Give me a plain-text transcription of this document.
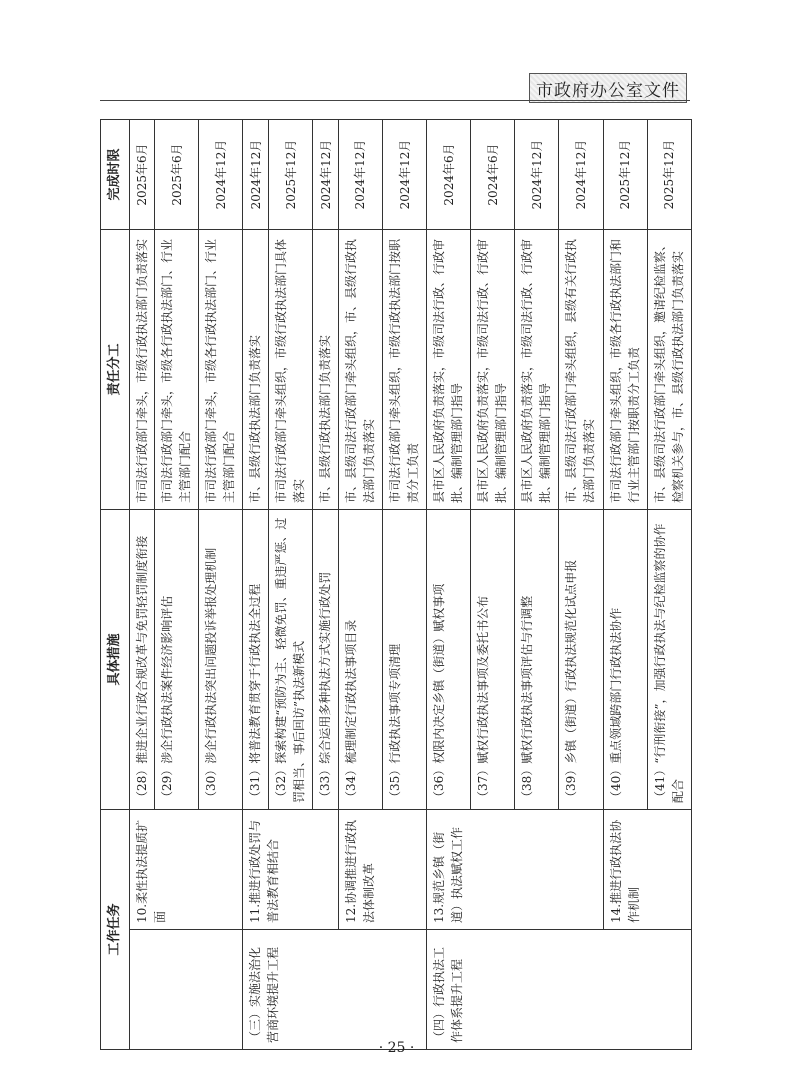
市政府办公室文件
工作任务		具体措施	责任分工	完成时限
	10.柔性执法提质扩面	（28）推进企业行政合规改革与免罚轻罚制度衔接	市司法行政部门牵头，市级行政执法部门负责落实	2025年6月
		（29）涉企行政执法案件经济影响评估	市司法行政部门牵头，市级各行政执法部门、行业主管部门配合	2025年6月
		（30）涉企行政执法突出问题投诉举报处理机制	市司法行政部门牵头，市级各行政执法部门、行业主管部门配合	2024年12月
（三）实施法治化营商环境提升工程	11.推进行政处罚与普法教育相结合	（31）将普法教育贯穿于行政执法全过程	市、县级行政执法部门负责落实	2024年12月
		（32）探索构建“预防为主、轻微免罚、重违严惩、过罚相当、事后回访”执法新模式	市司法行政部门牵头组织，市级行政执法部门具体落实	2025年12月
		（33）综合运用多种执法方式实施行政处罚	市、县级行政执法部门负责落实	2024年12月
	12.协调推进行政执法体制改革	（34）梳理制定行政执法事项目录	市、县级司法行政部门牵头组织，市、县级行政执法部门负责落实	2024年12月
		（35）行政执法事项专项清理	市司法行政部门牵头组织，市级行政执法部门按职责分工负责	2024年12月
（四）行政执法工作体系提升工程	13.规范乡镇（街道）执法赋权工作	（36）权限内决定乡镇（街道）赋权事项	县市区人民政府负责落实，市级司法行政、行政审批、编制管理部门指导	2024年6月
		（37）赋权行政执法事项及委托书公布	县市区人民政府负责落实，市级司法行政、行政审批、编制管理部门指导	2024年6月
		（38）赋权行政执法事项评估与行调整	县市区人民政府负责落实，市级司法行政、行政审批、编制管理部门指导	2024年12月
		（39）乡镇（街道）行政执法规范化试点申报	市、县级司法行政部门牵头组织，县级有关行政执法部门负责落实	2024年12月
	14.推进行政执法协作机制	（40）重点领域跨部门行政执法协作	市司法行政部门牵头组织，市级各行政执法部门和行业主管部门按职责分工负责	2025年12月
		（41）“行刑衔接”，加强行政执法与纪检监察的协作配合	市、县级司法行政部门牵头组织，邀请纪检监察、检察机关参与，市、县级行政执法部门负责落实	2025年12月
· 25 ·
